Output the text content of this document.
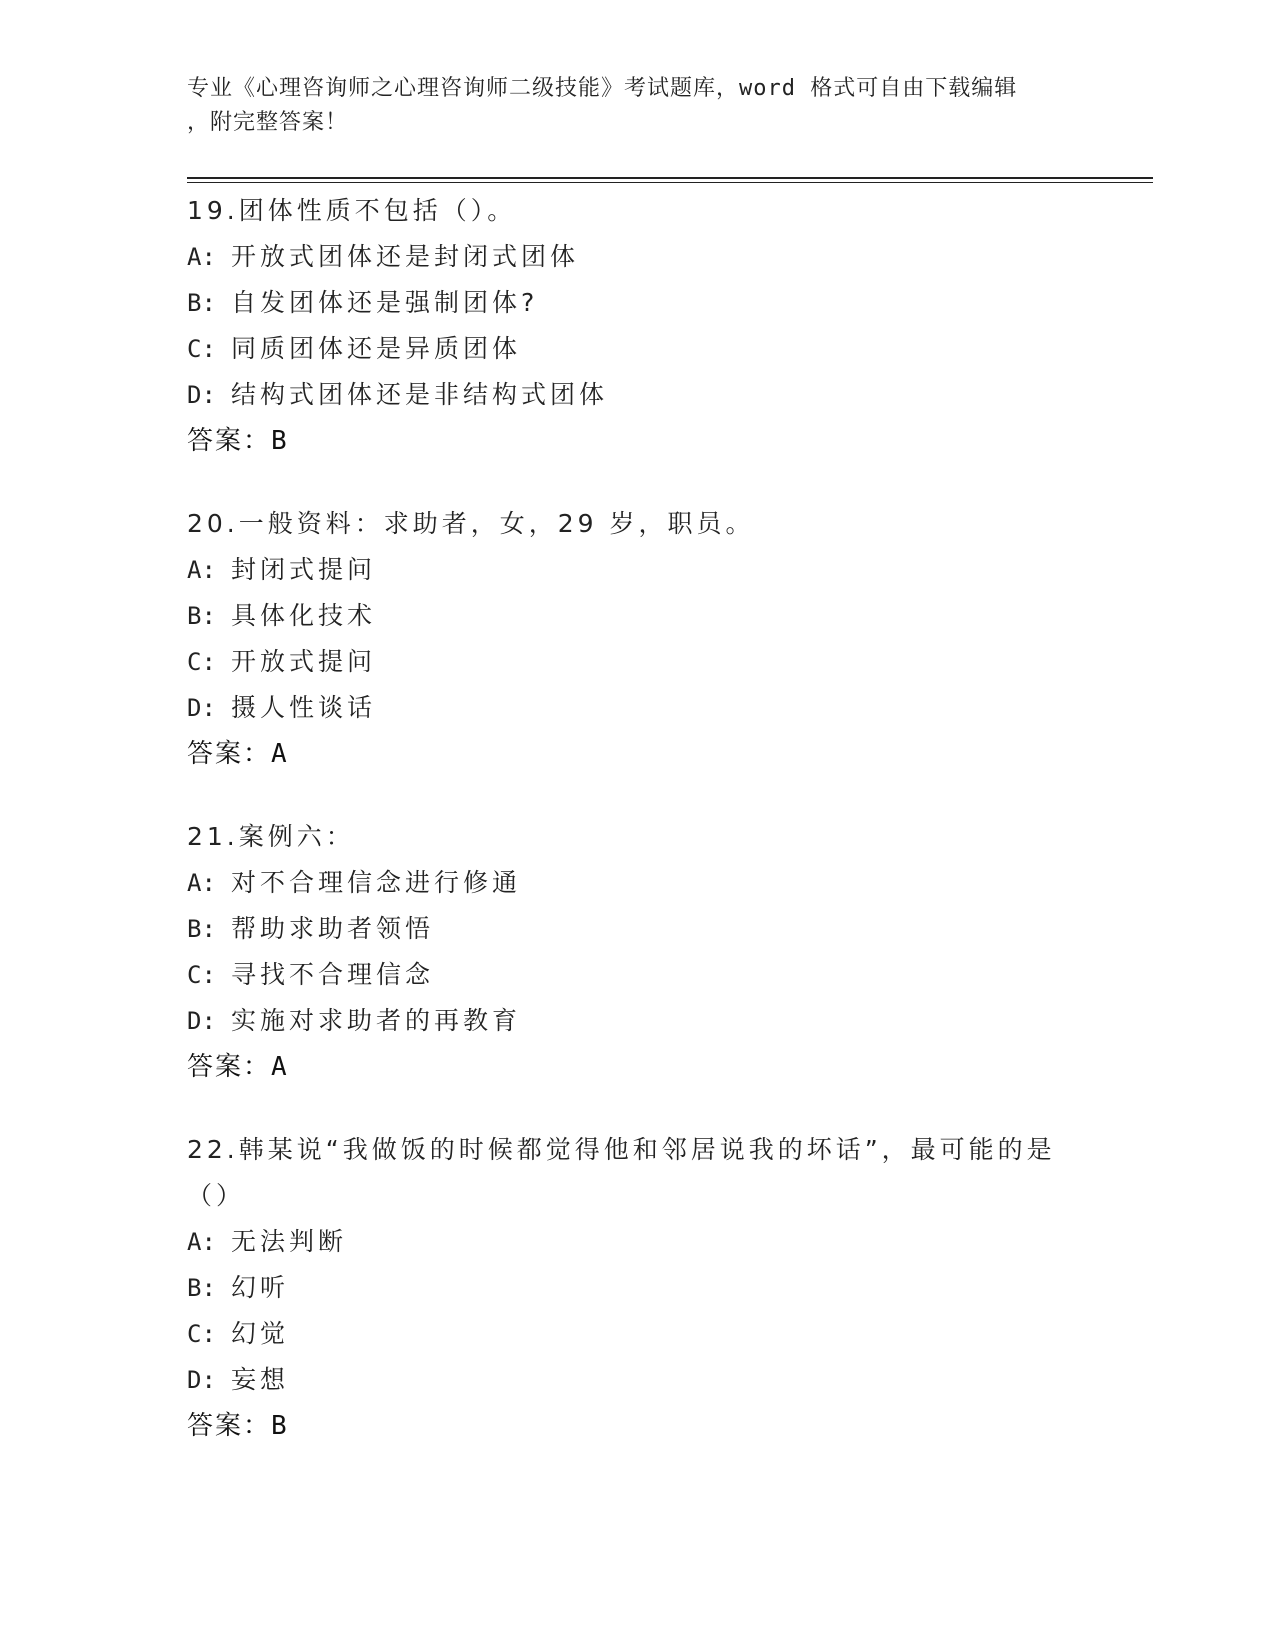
专业《心理咨询师之心理咨询师二级技能》考试题库，word 格式可自由下载编辑
，附完整答案！
19.团体性质不包括（）。
A: 开放式团体还是封闭式团体
B: 自发团体还是强制团体?
C: 同质团体还是异质团体
D: 结构式团体还是非结构式团体
答案：B
20.一般资料：求助者，女，29 岁，职员。
A: 封闭式提问
B: 具体化技术
C: 开放式提问
D: 摄人性谈话
答案：A
21.案例六：
A: 对不合理信念进行修通
B: 帮助求助者领悟
C: 寻找不合理信念
D: 实施对求助者的再教育
答案：A
22.韩某说“我做饭的时候都觉得他和邻居说我的坏话”，最可能的是
（）
A: 无法判断
B: 幻听
C: 幻觉
D: 妄想
答案：B
